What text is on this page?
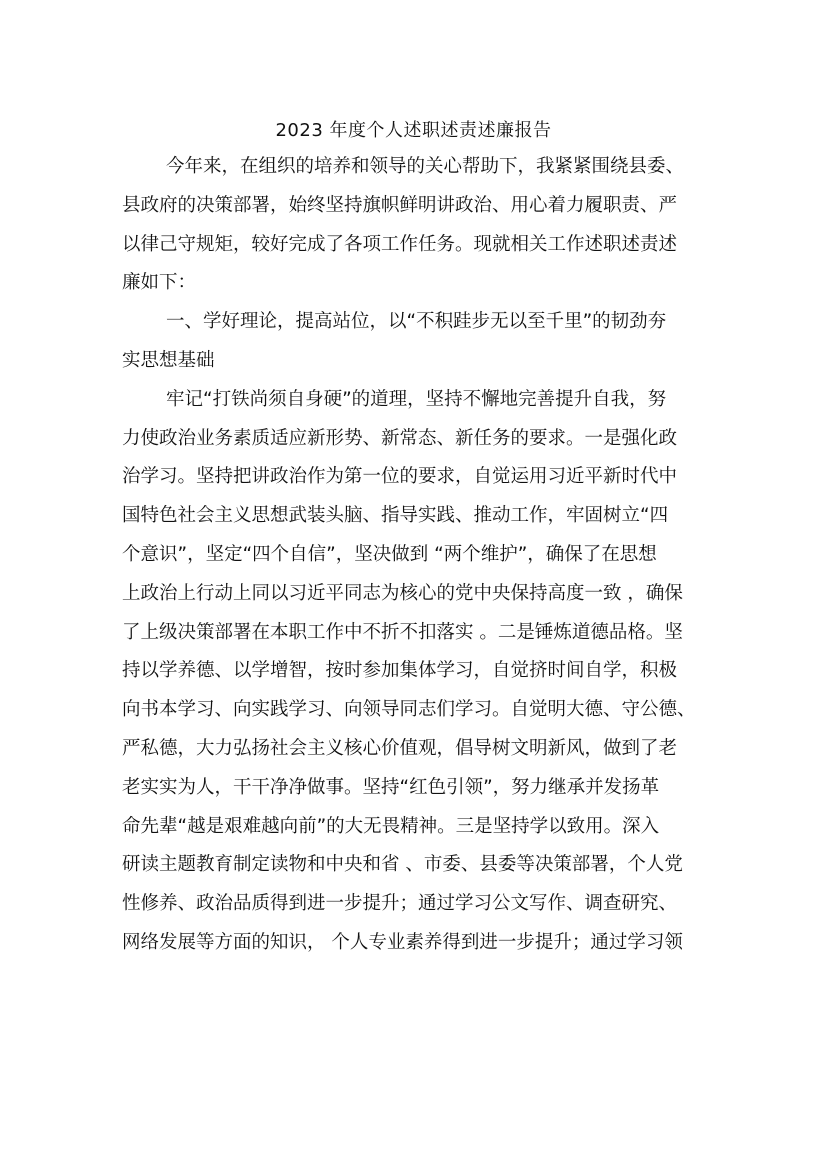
2023 年度个人述职述责述廉报告
今年来，在组织的培养和领导的关心帮助下，我紧紧围绕县委、
县政府的决策部署，始终坚持旗帜鲜明讲政治、用心着力履职责、严
以律己守规矩，较好完成了各项工作任务。现就相关工作述职述责述
廉如下：
一、学好理论，提高站位，以“不积跬步无以至千里”的韧劲夯
实思想基础
牢记“打铁尚须自身硬”的道理，坚持不懈地完善提升自我，努
力使政治业务素质适应新形势、新常态、新任务的要求。一是强化政
治学习。坚持把讲政治作为第一位的要求，自觉运用习近平新时代中
国特色社会主义思想武装头脑、指导实践、推动工作，牢固树立“四
个意识”，坚定“四个自信”，坚决做到 “两个维护”，确保了在思想
上政治上行动上同以习近平同志为核心的党中央保持高度一致 ，确保
了上级决策部署在本职工作中不折不扣落实 。二是锤炼道德品格。坚
持以学养德、以学增智，按时参加集体学习，自觉挤时间自学，积极
向书本学习、向实践学习、向领导同志们学习。自觉明大德、守公德、
严私德，大力弘扬社会主义核心价值观，倡导树文明新风，做到了老
老实实为人，干干净净做事。坚持“红色引领”，努力继承并发扬革
命先辈“越是艰难越向前”的大无畏精神。三是坚持学以致用。深入
研读主题教育制定读物和中央和省 、市委、县委等决策部署，个人党
性修养、政治品质得到进一步提升；通过学习公文写作、调查研究、
网络发展等方面的知识， 个人专业素养得到进一步提升；通过学习领
